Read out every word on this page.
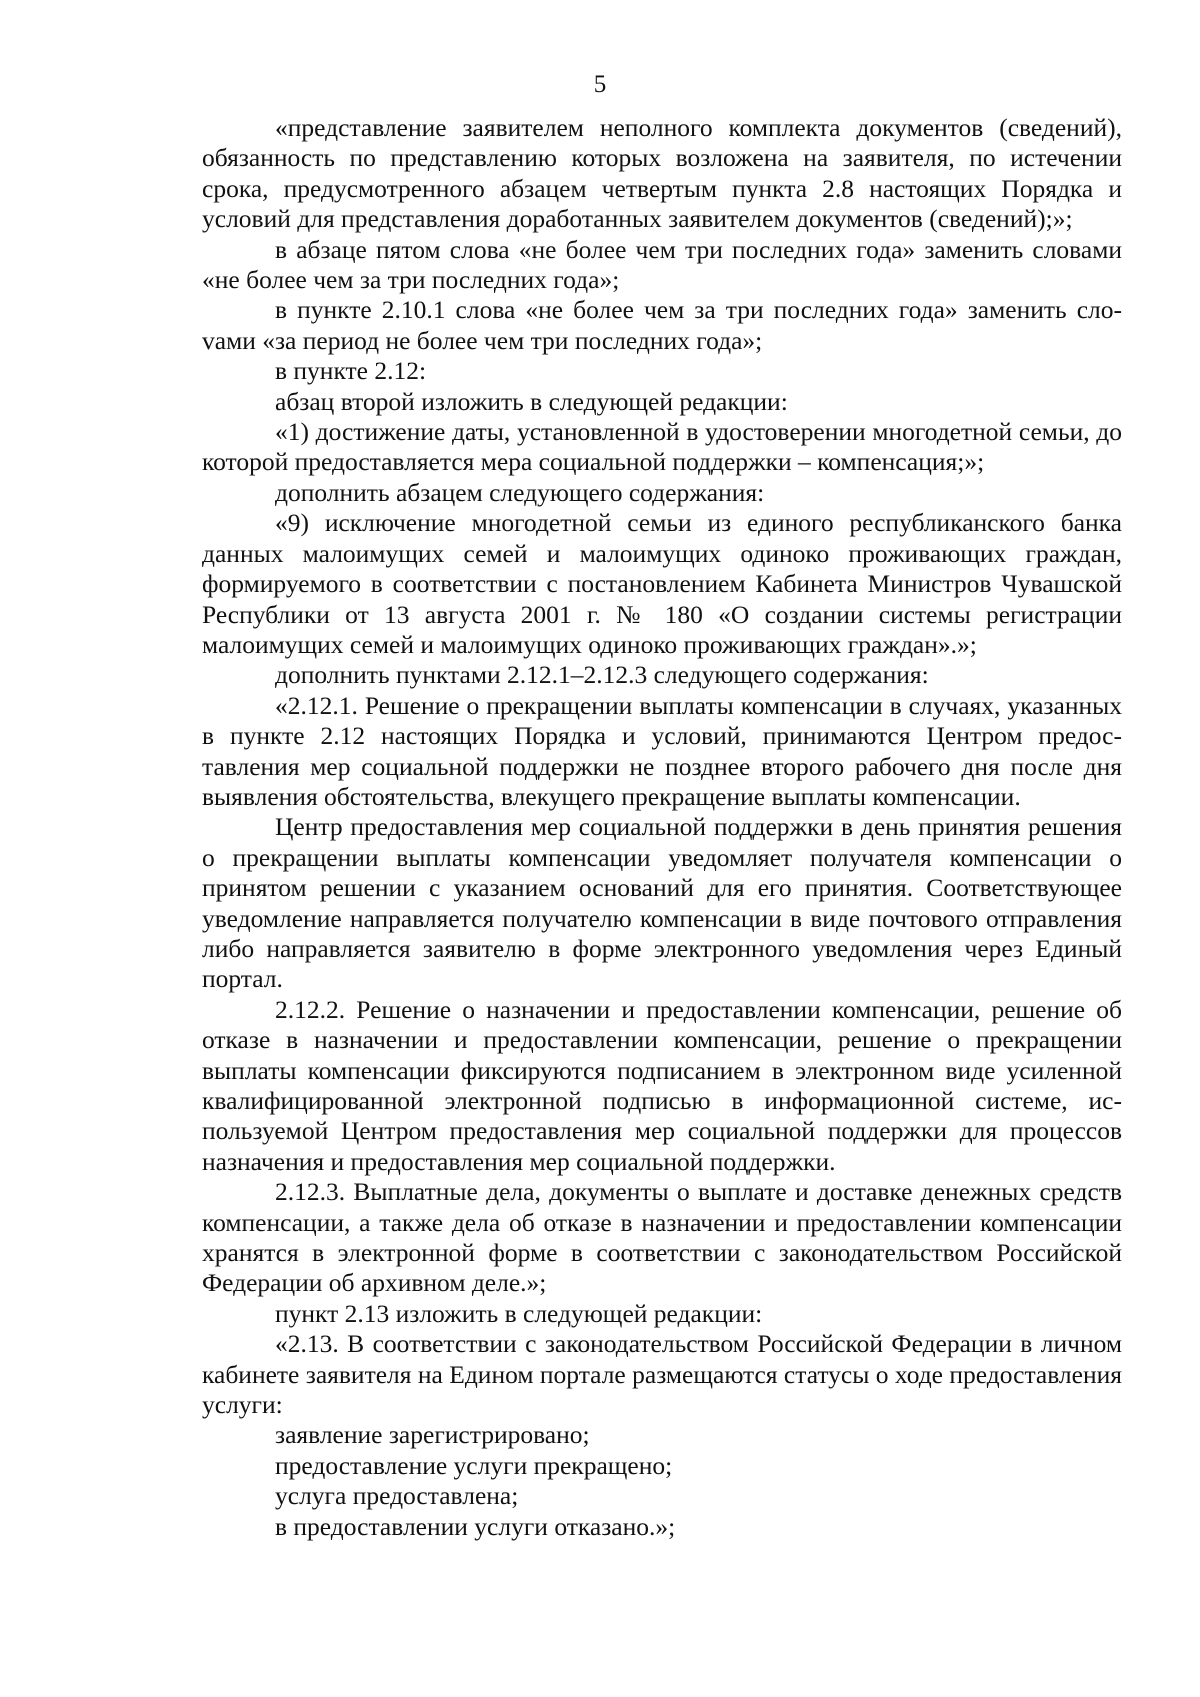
5

«представление заявителем неполного комплекта документов (сведений), обязанность по представлению которых возложена на заявителя, по истечении срока, предусмотренного абзацем четвертым пункта 2.8 настоящих Порядка и условий для представления доработанных заявителем документов (сведений);»;

в абзаце пятом слова «не более чем три последних года» заменить словами «не более чем за три последних года»;

в пункте 2.10.1 слова «не более чем за три последних года» заменить слоvами «за период не более чем три последних года»;

в пункте 2.12:

абзац второй изложить в следующей редакции:

«1) достижение даты, установленной в удостоверении многодетной семьи, до которой предоставляется мера социальной поддержки – компенсация;»;

дополнить абзацем следующего содержания:

«9) исключение многодетной семьи из единого республиканского банка данных малоимущих семей и малоимущих одиноко проживающих граждан, формируемого в соответствии с постановлением Кабинета Министров Чувашской Республики от 13 августа 2001 г. № 180 «О создании системы регистрации малоимущих семей и малоимущих одиноко проживающих граждан».»;

дополнить пунктами 2.12.1–2.12.3 следующего содержания:

«2.12.1. Решение о прекращении выплаты компенсации в случаях, указанных в пункте 2.12 настоящих Порядка и условий, принимаются Центром предоставления мер социальной поддержки не позднее второго рабочего дня после дня выявления обстоятельства, влекущего прекращение выплаты компенсации.

Центр предоставления мер социальной поддержки в день принятия решения о прекращении выплаты компенсации уведомляет получателя компенсации о принятом решении с указанием оснований для его принятия. Соответствующее уведомление направляется получателю компенсации в виде почтового отправления либо направляется заявителю в форме электронного уведомления через Единый портал.

2.12.2. Решение о назначении и предоставлении компенсации, решение об отказе в назначении и предоставлении компенсации, решение о прекращении выплаты компенсации фиксируются подписанием в электронном виде усиленной квалифицированной электронной подписью в информационной системе, используемой Центром предоставления мер социальной поддержки для процессов назначения и предоставления мер социальной поддержки.

2.12.3. Выплатные дела, документы о выплате и доставке денежных средств компенсации, а также дела об отказе в назначении и предоставлении компенсации хранятся в электронной форме в соответствии с законодательством Российской Федерации об архивном деле.»;

пункт 2.13 изложить в следующей редакции:

«2.13. В соответствии с законодательством Российской Федерации в личном кабинете заявителя на Едином портале размещаются статусы о ходе предоставления услуги:

заявление зарегистрировано;

предоставление услуги прекращено;

услуга предоставлена;

в предоставлении услуги отказано.»;
